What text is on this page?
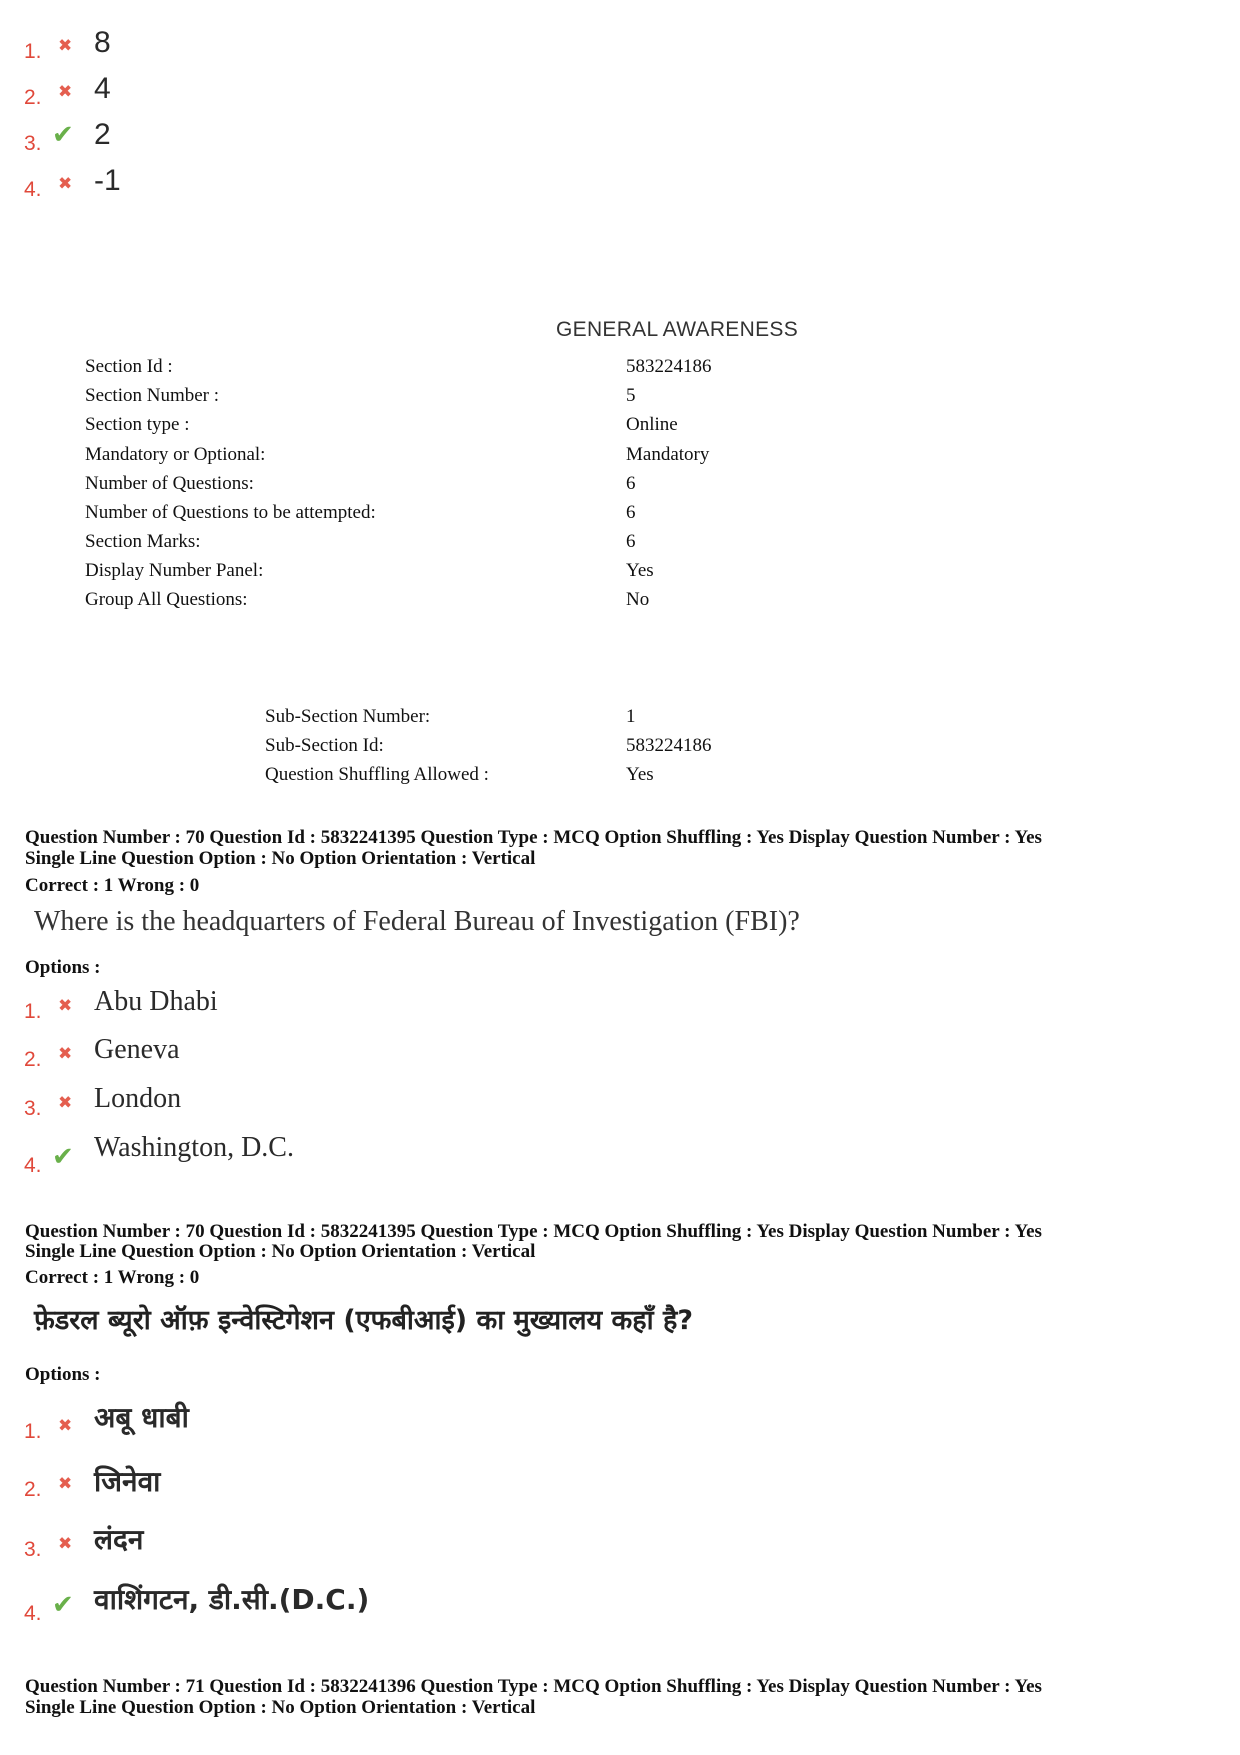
1. ✖ 8
2. ✖ 4
3. ✔ 2
4. ✖ -1
GENERAL AWARENESS
Section Id :	583224186
Section Number :	5
Section type :	Online
Mandatory or Optional:	Mandatory
Number of Questions:	6
Number of Questions to be attempted:	6
Section Marks:	6
Display Number Panel:	Yes
Group All Questions:	No
Sub-Section Number:	1
Sub-Section Id:	583224186
Question Shuffling Allowed :	Yes
Question Number : 70 Question Id : 5832241395 Question Type : MCQ Option Shuffling : Yes Display Question Number : Yes
Single Line Question Option : No Option Orientation : Vertical
Correct : 1 Wrong : 0
Where is the headquarters of Federal Bureau of Investigation (FBI)?
Options :
1. ✖ Abu Dhabi
2. ✖ Geneva
3. ✖ London
4. ✔ Washington, D.C.
Question Number : 70 Question Id : 5832241395 Question Type : MCQ Option Shuffling : Yes Display Question Number : Yes
Single Line Question Option : No Option Orientation : Vertical
Correct : 1 Wrong : 0
फ़ेडरल ब्यूरो ऑफ़ इन्वेस्टिगेशन (एफबीआई) का मुख्यालय कहाँ है?
Options :
1. ✖ अबू धाबी
2. ✖ जिनेवा
3. ✖ लंदन
4. ✔ वाशिंगटन, डी.सी.(D.C.)
Question Number : 71 Question Id : 5832241396 Question Type : MCQ Option Shuffling : Yes Display Question Number : Yes
Single Line Question Option : No Option Orientation : Vertical
